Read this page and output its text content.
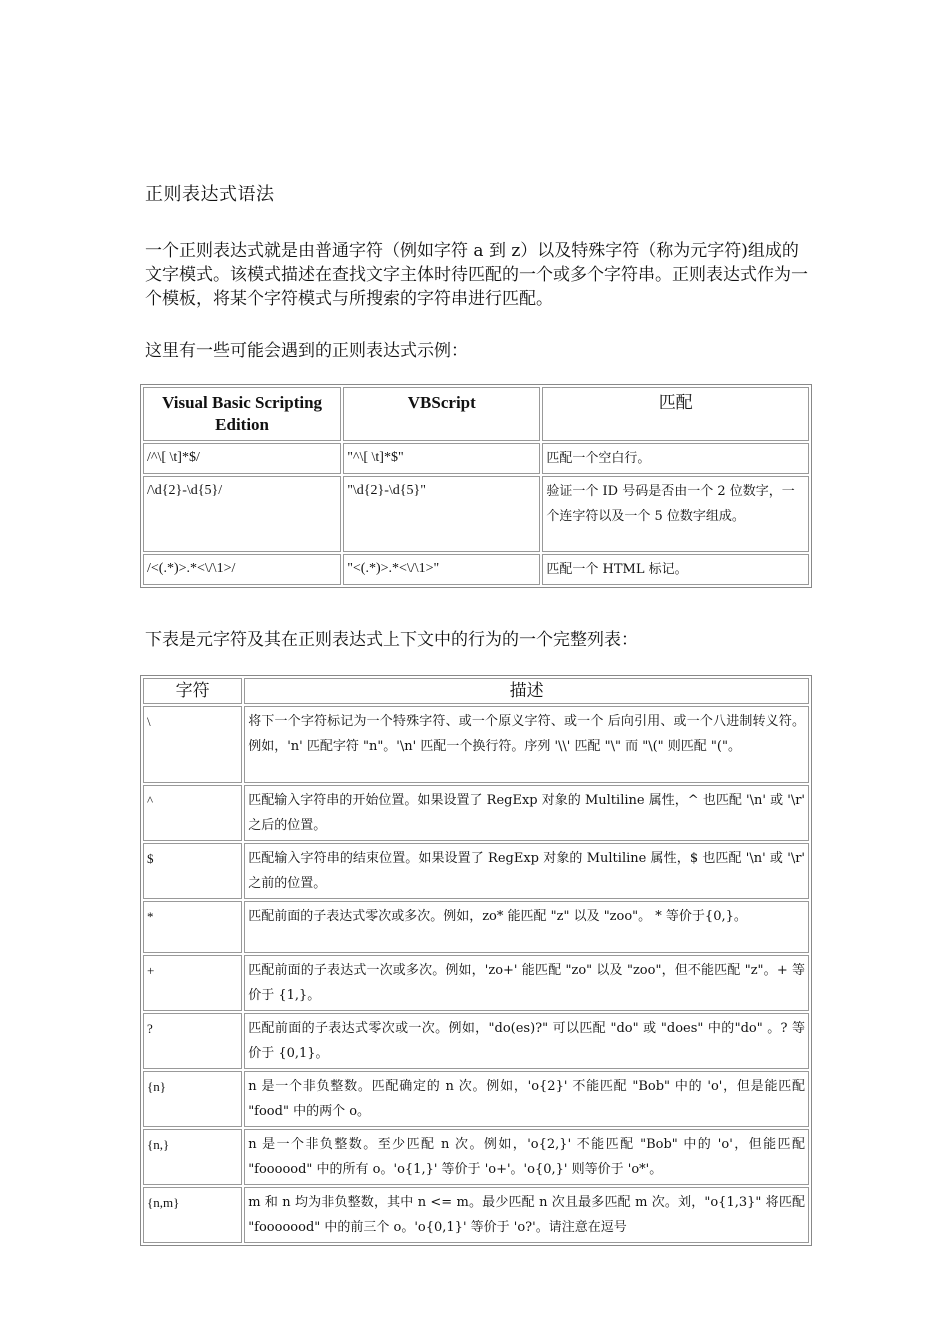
正则表达式语法
一个正则表达式就是由普通字符（例如字符 a 到 z）以及特殊字符（称为元字符)组成的文字模式。该模式描述在查找文字主体时待匹配的一个或多个字符串。正则表达式作为一个模板，将某个字符模式与所搜索的字符串进行匹配。
这里有一些可能会遇到的正则表达式示例：
Visual Basic Scripting Edition	VBScript	匹配
/^\[ \t]*$/	"^\[ \t]*$"	匹配一个空白行。
/\d{2}-\d{5}/	"\d{2}-\d{5}"	验证一个 ID 号码是否由一个 2 位数字，一个连字符以及一个 5 位数字组成。
/<(.*)>.*<\/\1>/	"<(.*)>.*<\/\1>"	匹配一个 HTML 标记。
下表是元字符及其在正则表达式上下文中的行为的一个完整列表：
字符	描述
\	将下一个字符标记为一个特殊字符、或一个原义字符、或一个 后向引用、或一个八进制转义符。例如，'n' 匹配字符 "n"。'\n' 匹配一个换行符。序列 '\\' 匹配 "\" 而 "\(" 则匹配 "("。
^	匹配输入字符串的开始位置。如果设置了 RegExp 对象的 Multiline 属性，^ 也匹配 '\n' 或 '\r' 之后的位置。
$	匹配输入字符串的结束位置。如果设置了 RegExp 对象的 Multiline 属性，$ 也匹配 '\n' 或 '\r' 之前的位置。
*	匹配前面的子表达式零次或多次。例如，zo* 能匹配 "z" 以及 "zoo"。 * 等价于{0,}。
+	匹配前面的子表达式一次或多次。例如，'zo+' 能匹配 "zo" 以及 "zoo"，但不能匹配 "z"。+ 等价于 {1,}。
?	匹配前面的子表达式零次或一次。例如，"do(es)?" 可以匹配 "do" 或 "does" 中的"do" 。? 等价于 {0,1}。
{n}	n 是一个非负整数。匹配确定的 n 次。例如，'o{2}' 不能匹配 "Bob" 中的 'o'，但是能匹配 "food" 中的两个 o。
{n,}	n 是一个非负整数。至少匹配 n 次。例如，'o{2,}' 不能匹配 "Bob" 中的 'o'，但能匹配 "foooood" 中的所有 o。'o{1,}' 等价于 'o+'。'o{0,}' 则等价于 'o*'。
{n,m}	m 和 n 均为非负整数，其中 n <= m。最少匹配 n 次且最多匹配 m 次。刘，"o{1,3}" 将匹配 "fooooood" 中的前三个 o。'o{0,1}' 等价于 'o?'。请注意在逗号
